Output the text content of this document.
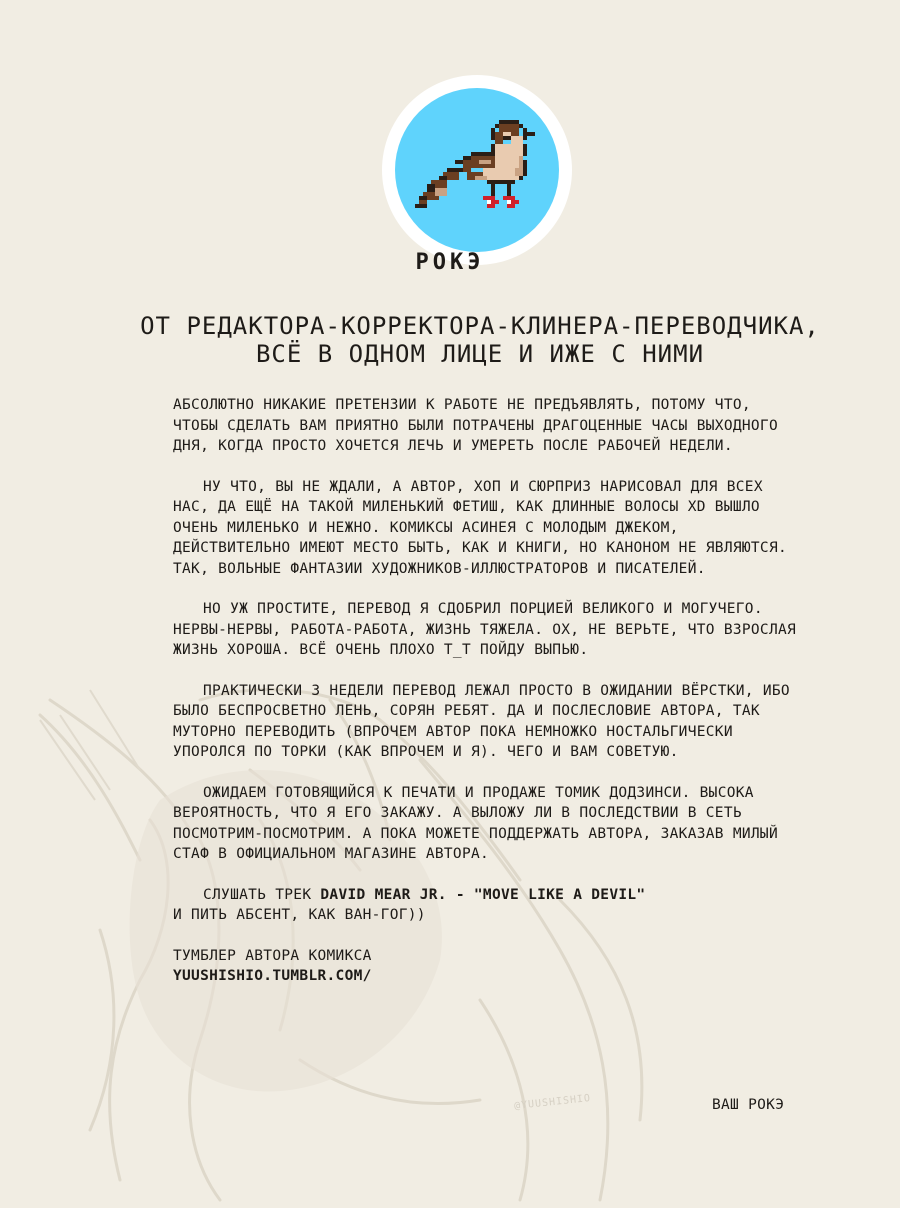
РОКЭ
ОТ РЕДАКТОРА-КОРРЕКТОРА-КЛИНЕРА-ПЕРЕВОДЧИКА,
ВСЁ В ОДНОМ ЛИЦЕ И ИЖЕ С НИМИ

АБСОЛЮТНО НИКАКИЕ ПРЕТЕНЗИИ К РАБОТЕ НЕ ПРЕДЪЯВЛЯТЬ, ПОТОМУ ЧТО, ЧТОБЫ СДЕЛАТЬ ВАМ ПРИЯТНО БЫЛИ ПОТРАЧЕНЫ ДРАГОЦЕННЫЕ ЧАСЫ ВЫХОДНОГО ДНЯ, КОГДА ПРОСТО ХОЧЕТСЯ ЛЕЧЬ И УМЕРЕТЬ ПОСЛЕ РАБОЧЕЙ НЕДЕЛИ.

НУ ЧТО, ВЫ НЕ ЖДАЛИ, А АВТОР, ХОП И СЮРПРИЗ НАРИСОВАЛ ДЛЯ ВСЕХ НАС, ДА ЕЩЁ НА ТАКОЙ МИЛЕНЬКИЙ ФЕТИШ, КАК ДЛИННЫЕ ВОЛОСЫ XD ВЫШЛО ОЧЕНЬ МИЛЕНЬКО И НЕЖНО. КОМИКСЫ АСИНЕЯ С МОЛОДЫМ ДЖЕКОМ, ДЕЙСТВИТЕЛЬНО ИМЕЮТ МЕСТО БЫТЬ, КАК И КНИГИ, НО КАНОНОМ НЕ ЯВЛЯЮТСЯ. ТАК, ВОЛЬНЫЕ ФАНТАЗИИ ХУДОЖНИКОВ-ИЛЛЮСТРАТОРОВ И ПИСАТЕЛЕЙ.

НО УЖ ПРОСТИТЕ, ПЕРЕВОД Я СДОБРИЛ ПОРЦИЕЙ ВЕЛИКОГО И МОГУЧЕГО. НЕРВЫ-НЕРВЫ, РАБОТА-РАБОТА, ЖИЗНЬ ТЯЖЕЛА. ОХ, НЕ ВЕРЬТЕ, ЧТО ВЗРОСЛАЯ ЖИЗНЬ ХОРОША. ВСЁ ОЧЕНЬ ПЛОХО Т_Т ПОЙДУ ВЫПЬЮ.

ПРАКТИЧЕСКИ 3 НЕДЕЛИ ПЕРЕВОД ЛЕЖАЛ ПРОСТО В ОЖИДАНИИ ВЁРСТКИ, ИБО БЫЛО БЕСПРОСВЕТНО ЛЕНЬ, СОРЯН РЕБЯТ. ДА И ПОСЛЕСЛОВИЕ АВТОРА, ТАК МУТОРНО ПЕРЕВОДИТЬ (ВПРОЧЕМ АВТОР ПОКА НЕМНОЖКО НОСТАЛЬГИЧЕСКИ УПОРОЛСЯ ПО ТОРКИ (КАК ВПРОЧЕМ И Я). ЧЕГО И ВАМ СОВЕТУЮ.

ОЖИДАЕМ ГОТОВЯЩИЙСЯ К ПЕЧАТИ И ПРОДАЖЕ ТОМИК ДОДЗИНСИ. ВЫСОКА ВЕРОЯТНОСТЬ, ЧТО Я ЕГО ЗАКАЖУ. А ВЫЛОЖУ ЛИ В ПОСЛЕДСТВИИ В СЕТЬ ПОСМОТРИМ-ПОСМОТРИМ. А ПОКА МОЖЕТЕ ПОДДЕРЖАТЬ АВТОРА, ЗАКАЗАВ МИЛЫЙ СТАФ В ОФИЦИАЛЬНОМ МАГАЗИНЕ АВТОРА.

СЛУШАТЬ ТРЕК DAVID MEAR JR. - "MOVE LIKE A DEVIL"
И ПИТЬ АБСЕНТ, КАК ВАН-ГОГ))
ТУМБЛЕР АВТОРА КОМИКСА
YUUSHISHIO.TUMBLR.COM/
@YUUSHISHIO	ВАШ РОКЭ
